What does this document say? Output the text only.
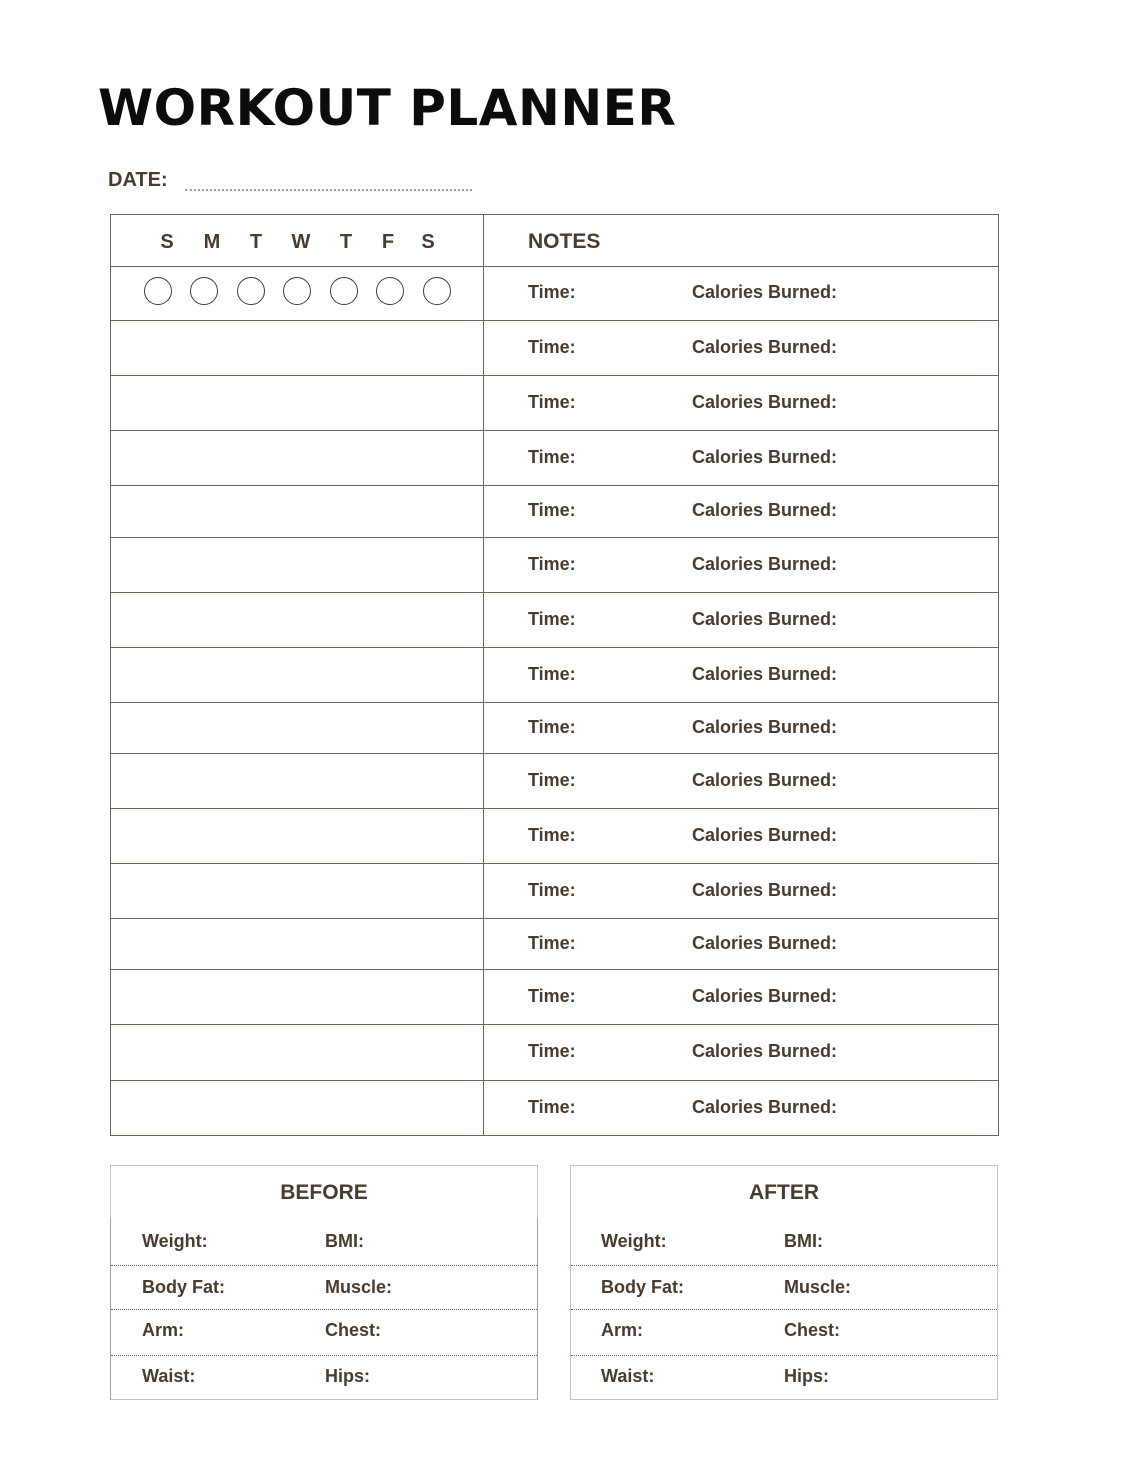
WORKOUT PLANNER
DATE:
S	M	T	W	T	F	S	NOTES
Time:	Calories Burned:
Time:	Calories Burned:
Time:	Calories Burned:
Time:	Calories Burned:
Time:	Calories Burned:
Time:	Calories Burned:
Time:	Calories Burned:
Time:	Calories Burned:
Time:	Calories Burned:
Time:	Calories Burned:
Time:	Calories Burned:
Time:	Calories Burned:
Time:	Calories Burned:
Time:	Calories Burned:
Time:	Calories Burned:
Time:	Calories Burned:
BEFORE
Weight:	BMI:
Body Fat:	Muscle:
Arm:	Chest:
Waist:	Hips:
AFTER
Weight:	BMI:
Body Fat:	Muscle:
Arm:	Chest:
Waist:	Hips:
